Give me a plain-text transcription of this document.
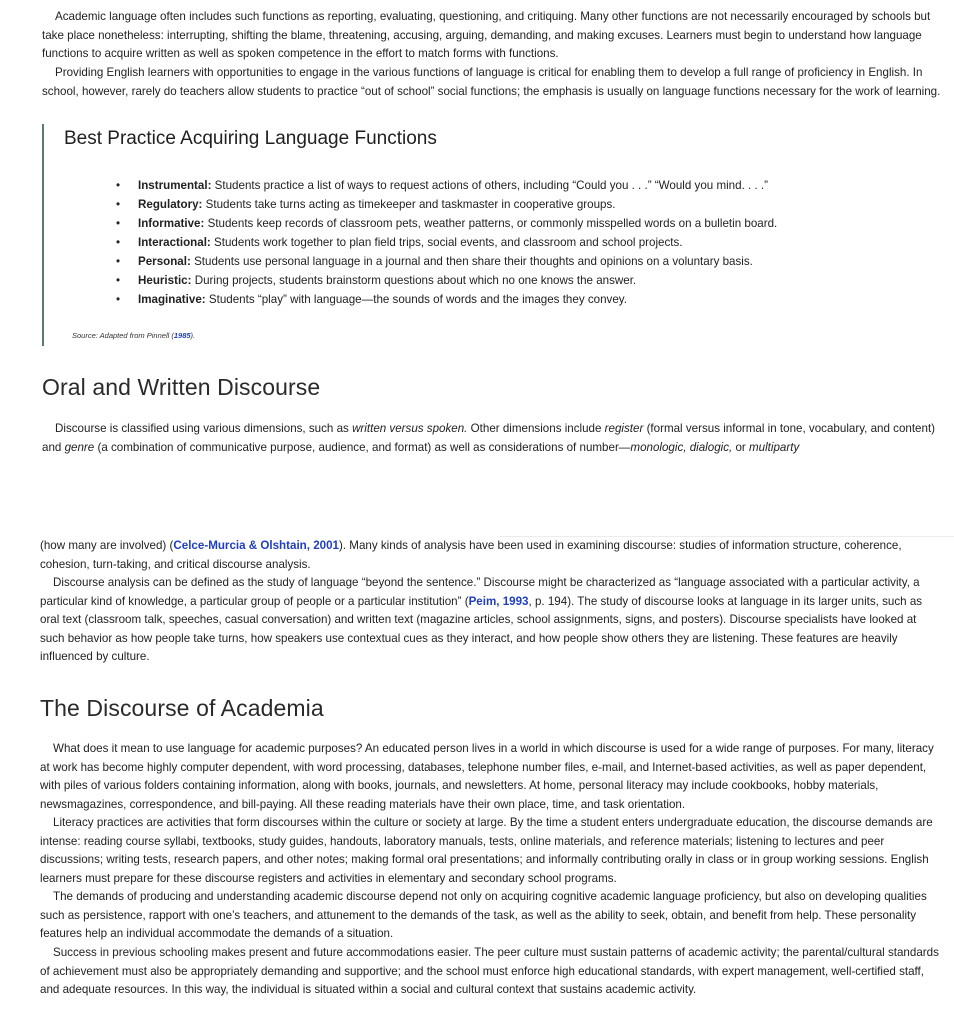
Academic language often includes such functions as reporting, evaluating, questioning, and critiquing. Many other functions are not necessarily encouraged by schools but take place nonetheless: interrupting, shifting the blame, threatening, accusing, arguing, demanding, and making excuses. Learners must begin to understand how language functions to acquire written as well as spoken competence in the effort to match forms with functions.

Providing English learners with opportunities to engage in the various functions of language is critical for enabling them to develop a full range of proficiency in English. In school, however, rarely do teachers allow students to practice “out of school” social functions; the emphasis is usually on language functions necessary for the work of learning.

Best Practice Acquiring Language Functions
• Instrumental: Students practice a list of ways to request actions of others, including “Could you . . .” “Would you mind. . . .”
• Regulatory: Students take turns acting as timekeeper and taskmaster in cooperative groups.
• Informative: Students keep records of classroom pets, weather patterns, or commonly misspelled words on a bulletin board.
• Interactional: Students work together to plan field trips, social events, and classroom and school projects.
• Personal: Students use personal language in a journal and then share their thoughts and opinions on a voluntary basis.
• Heuristic: During projects, students brainstorm questions about which no one knows the answer.
• Imaginative: Students “play” with language—the sounds of words and the images they convey.

Source: Adapted from Pinnell (1985).

Oral and Written Discourse

Discourse is classified using various dimensions, such as written versus spoken. Other dimensions include register (formal versus informal in tone, vocabulary, and content) and genre (a combination of communicative purpose, audience, and format) as well as considerations of number—monologic, dialogic, or multiparty

(how many are involved) (Celce-Murcia & Olshtain, 2001). Many kinds of analysis have been used in examining discourse: studies of information structure, coherence, cohesion, turn-taking, and critical discourse analysis.

Discourse analysis can be defined as the study of language “beyond the sentence.” Discourse might be characterized as “language associated with a particular activity, a particular kind of knowledge, a particular group of people or a particular institution” (Peim, 1993, p. 194). The study of discourse looks at language in its larger units, such as oral text (classroom talk, speeches, casual conversation) and written text (magazine articles, school assignments, signs, and posters). Discourse specialists have looked at such behavior as how people take turns, how speakers use contextual cues as they interact, and how people show others they are listening. These features are heavily influenced by culture.

The Discourse of Academia

What does it mean to use language for academic purposes? An educated person lives in a world in which discourse is used for a wide range of purposes. For many, literacy at work has become highly computer dependent, with word processing, databases, telephone number files, e-mail, and Internet-based activities, as well as paper dependent, with piles of various folders containing information, along with books, journals, and newsletters. At home, personal literacy may include cookbooks, hobby materials, newsmagazines, correspondence, and bill-paying. All these reading materials have their own place, time, and task orientation.

Literacy practices are activities that form discourses within the culture or society at large. By the time a student enters undergraduate education, the discourse demands are intense: reading course syllabi, textbooks, study guides, handouts, laboratory manuals, tests, online materials, and reference materials; listening to lectures and peer discussions; writing tests, research papers, and other notes; making formal oral presentations; and informally contributing orally in class or in group working sessions. English learners must prepare for these discourse registers and activities in elementary and secondary school programs.

The demands of producing and understanding academic discourse depend not only on acquiring cognitive academic language proficiency, but also on developing qualities such as persistence, rapport with one’s teachers, and attunement to the demands of the task, as well as the ability to seek, obtain, and benefit from help. These personality features help an individual accommodate the demands of a situation.

Success in previous schooling makes present and future accommodations easier. The peer culture must sustain patterns of academic activity; the parental/cultural standards of achievement must also be appropriately demanding and supportive; and the school must enforce high educational standards, with expert management, well-certified staff, and adequate resources. In this way, the individual is situated within a social and cultural context that sustains academic activity.
